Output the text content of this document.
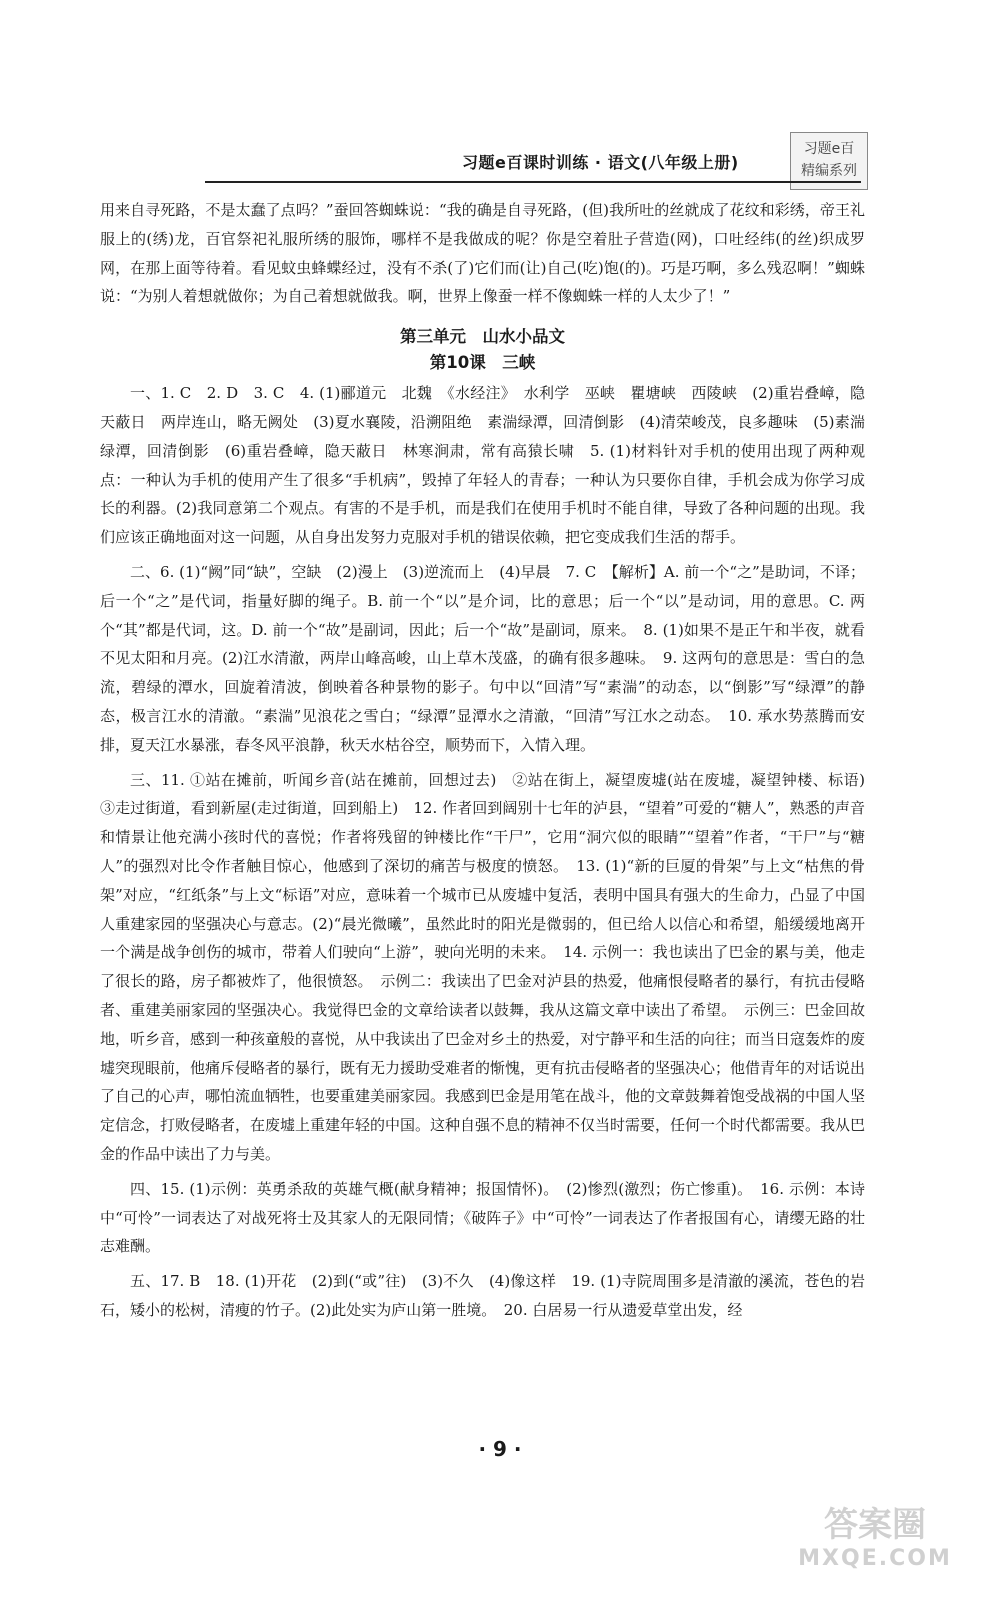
习题e百
精编系列
习题e百课时训练 · 语文(八年级上册)

用来自寻死路，不是太蠢了点吗？”蚕回答蜘蛛说：“我的确是自寻死路，(但)我所吐的丝就成了花纹和彩绣，帝王礼服上的(绣)龙，百官祭祀礼服所绣的服饰，哪样不是我做成的呢？你是空着肚子营造(网)，口吐经纬(的丝)织成罗网，在那上面等待着。看见蚊虫蜂蝶经过，没有不杀(了)它们而(让)自己(吃)饱(的)。巧是巧啊，多么残忍啊！”蜘蛛说：“为别人着想就做你；为自己着想就做我。啊，世界上像蚕一样不像蜘蛛一样的人太少了！”

第三单元　山水小品文
第10课　三峡

一、1. C　2. D　3. C　4. (1)郦道元　北魏　《水经注》　水利学　巫峡　瞿塘峡　西陵峡　(2)重岩叠嶂，隐天蔽日　两岸连山，略无阙处　(3)夏水襄陵，沿溯阻绝　素湍绿潭，回清倒影　(4)清荣峻茂，良多趣味　(5)素湍绿潭，回清倒影　(6)重岩叠嶂，隐天蔽日　林寒涧肃，常有高猿长啸　5. (1)材料针对手机的使用出现了两种观点：一种认为手机的使用产生了很多“手机病”，毁掉了年轻人的青春；一种认为只要你自律，手机会成为你学习成长的利器。(2)我同意第二个观点。有害的不是手机，而是我们在使用手机时不能自律，导致了各种问题的出现。我们应该正确地面对这一问题，从自身出发努力克服对手机的错误依赖，把它变成我们生活的帮手。

二、6. (1)“阙”同“缺”，空缺　(2)漫上　(3)逆流而上　(4)早晨　7. C　【解析】A. 前一个“之”是助词，不译；后一个“之”是代词，指量好脚的绳子。B. 前一个“以”是介词，比的意思；后一个“以”是动词，用的意思。C. 两个“其”都是代词，这。D. 前一个“故”是副词，因此；后一个“故”是副词，原来。　8. (1)如果不是正午和半夜，就看不见太阳和月亮。(2)江水清澈，两岸山峰高峻，山上草木茂盛，的确有很多趣味。　9. 这两句的意思是：雪白的急流，碧绿的潭水，回旋着清波，倒映着各种景物的影子。句中以“回清”写“素湍”的动态，以“倒影”写“绿潭”的静态，极言江水的清澈。“素湍”见浪花之雪白；“绿潭”显潭水之清澈，“回清”写江水之动态。　10. 承水势蒸腾而安排，夏天江水暴涨，春冬风平浪静，秋天水枯谷空，顺势而下，入情入理。

三、11. ①站在摊前，听闻乡音(站在摊前，回想过去)　②站在街上，凝望废墟(站在废墟，凝望钟楼、标语)　③走过街道，看到新屋(走过街道，回到船上)　12. 作者回到阔别十七年的泸县，“望着”可爱的“糖人”，熟悉的声音和情景让他充满小孩时代的喜悦；作者将残留的钟楼比作“干尸”，它用“洞穴似的眼睛”“望着”作者，“干尸”与“糖人”的强烈对比令作者触目惊心，他感到了深切的痛苦与极度的愤怒。　13. (1)“新的巨厦的骨架”与上文“枯焦的骨架”对应，“红纸条”与上文“标语”对应，意味着一个城市已从废墟中复活，表明中国具有强大的生命力，凸显了中国人重建家园的坚强决心与意志。(2)“晨光微曦”，虽然此时的阳光是微弱的，但已给人以信心和希望，船缓缓地离开一个满是战争创伤的城市，带着人们驶向“上游”，驶向光明的未来。　14. 示例一：我也读出了巴金的累与美，他走了很长的路，房子都被炸了，他很愤怒。　示例二：我读出了巴金对泸县的热爱，他痛恨侵略者的暴行，有抗击侵略者、重建美丽家园的坚强决心。我觉得巴金的文章给读者以鼓舞，我从这篇文章中读出了希望。　示例三：巴金回故地，听乡音，感到一种孩童般的喜悦，从中我读出了巴金对乡土的热爱，对宁静平和生活的向往；而当日寇轰炸的废墟突现眼前，他痛斥侵略者的暴行，既有无力援助受难者的惭愧，更有抗击侵略者的坚强决心；他借青年的对话说出了自己的心声，哪怕流血牺牲，也要重建美丽家园。我感到巴金是用笔在战斗，他的文章鼓舞着饱受战祸的中国人坚定信念，打败侵略者，在废墟上重建年轻的中国。这种自强不息的精神不仅当时需要，任何一个时代都需要。我从巴金的作品中读出了力与美。

四、15. (1)示例：英勇杀敌的英雄气概(献身精神；报国情怀)。　(2)惨烈(激烈；伤亡惨重)。　16. 示例：本诗中“可怜”一词表达了对战死将士及其家人的无限同情；《破阵子》中“可怜”一词表达了作者报国有心，请缨无路的壮志难酬。

五、17. B　18. (1)开花　(2)到(“或”往)　(3)不久　(4)像这样　19. (1)寺院周围多是清澈的溪流，苍色的岩石，矮小的松树，清瘦的竹子。(2)此处实为庐山第一胜境。　20. 白居易一行从遗爱草堂出发，经

· 9 ·
答案圈
MXQE.COM
